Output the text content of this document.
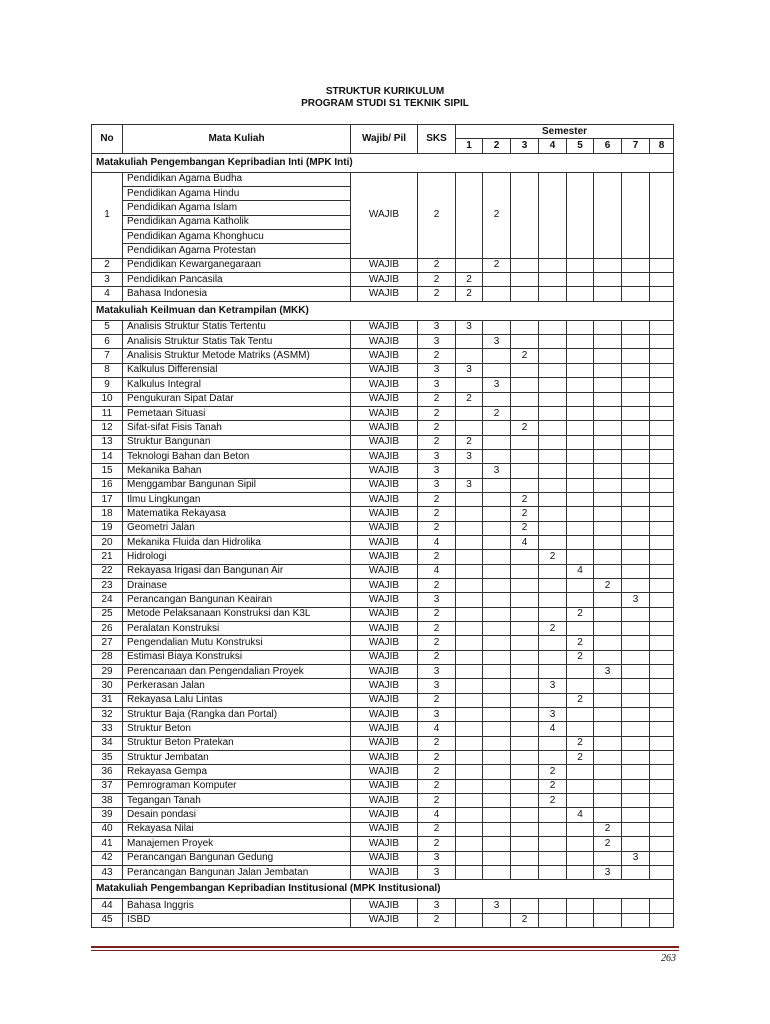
STRUKTUR KURIKULUM
PROGRAM STUDI S1 TEKNIK SIPIL
No	Mata Kuliah	Wajib/ Pil	SKS	Semester							
				1	2	3	4	5	6	7	8
Matakuliah Pengembangan Kepribadian Inti (MPK Inti)											
1	Pendidikan Agama Budha	WAJIB	2		2						
	Pendidikan Agama Hindu										
	Pendidikan Agama Islam										
	Pendidikan Agama Katholik										
	Pendidikan Agama Khonghucu										
	Pendidikan Agama Protestan										
2	Pendidikan Kewarganegaraan	WAJIB	2		2						
3	Pendidikan Pancasila	WAJIB	2	2							
4	Bahasa Indonesia	WAJIB	2	2							
Matakuliah Keilmuan dan Ketrampilan (MKK)											
5	Analisis Struktur Statis Tertentu	WAJIB	3	3							
6	Analisis Struktur Statis Tak Tentu	WAJIB	3		3						
7	Analisis Struktur Metode Matriks (ASMM)	WAJIB	2			2					
8	Kalkulus Differensial	WAJIB	3	3							
9	Kalkulus Integral	WAJIB	3		3						
10	Pengukuran Sipat Datar	WAJIB	2	2							
11	Pemetaan Situasi	WAJIB	2		2						
12	Sifat-sifat Fisis Tanah	WAJIB	2			2					
13	Struktur Bangunan	WAJIB	2	2							
14	Teknologi Bahan dan Beton	WAJIB	3	3							
15	Mekanika Bahan	WAJIB	3		3						
16	Menggambar Bangunan Sipil	WAJIB	3	3							
17	Ilmu Lingkungan	WAJIB	2			2					
18	Matematika Rekayasa	WAJIB	2			2					
19	Geometri Jalan	WAJIB	2			2					
20	Mekanika Fluida dan Hidrolika	WAJIB	4			4					
21	Hidrologi	WAJIB	2				2				
22	Rekayasa Irigasi dan Bangunan Air	WAJIB	4					4			
23	Drainase	WAJIB	2						2		
24	Perancangan Bangunan Keairan	WAJIB	3							3	
25	Metode Pelaksanaan Konstruksi dan K3L	WAJIB	2					2			
26	Peralatan Konstruksi	WAJIB	2				2				
27	Pengendalian Mutu Konstruksi	WAJIB	2					2			
28	Estimasi Biaya Konstruksi	WAJIB	2					2			
29	Perencanaan dan Pengendalian Proyek	WAJIB	3						3		
30	Perkerasan Jalan	WAJIB	3				3				
31	Rekayasa Lalu Lintas	WAJIB	2					2			
32	Struktur Baja (Rangka dan Portal)	WAJIB	3				3				
33	Struktur Beton	WAJIB	4				4				
34	Struktur Beton Pratekan	WAJIB	2					2			
35	Struktur Jembatan	WAJIB	2					2			
36	Rekayasa Gempa	WAJIB	2				2				
37	Pemrograman Komputer	WAJIB	2				2				
38	Tegangan Tanah	WAJIB	2				2				
39	Desain pondasi	WAJIB	4					4			
40	Rekayasa Nilai	WAJIB	2						2		
41	Manajemen Proyek	WAJIB	2						2		
42	Perancangan Bangunan Gedung	WAJIB	3							3	
43	Perancangan Bangunan Jalan Jembatan	WAJIB	3						3		
Matakuliah Pengembangan Kepribadian Institusional (MPK Institusional)											
44	Bahasa Inggris	WAJIB	3		3						
45	ISBD	WAJIB	2			2					
263
